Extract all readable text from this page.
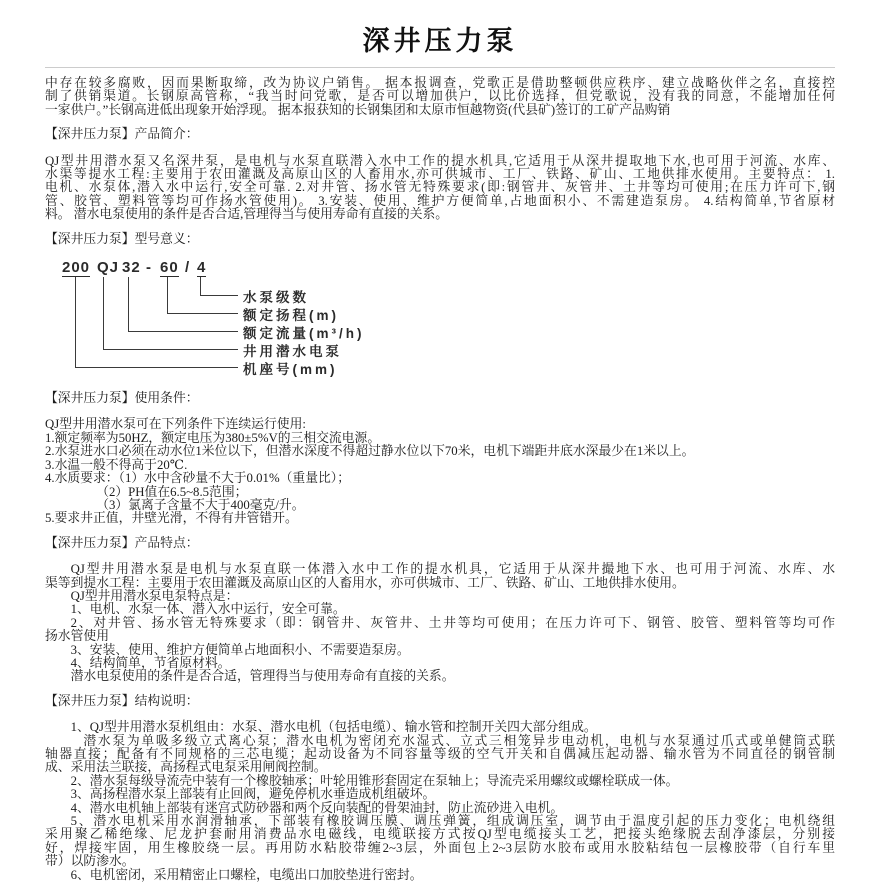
深井压力泵
中存在较多腐败，因而果断取缔，改为协议户销售。 据本报调查，党歌正是借助整顿供应秩序、建立战略伙伴之名，直接控
制了供销渠道。长钢原高管称，“我当时问党歌，是否可以增加供户，以比价选择，但党歌说，没有我的同意，不能增加任何
一家供户。”长钢高进低出现象开始浮现。 据本报获知的长钢集团和太原市恒越物资(代县矿)签订的工矿产品购销
【深井压力泵】产品简介：
QJ型井用潜水泵又名深井泵，是电机与水泵直联潜入水中工作的提水机具,它适用于从深井提取地下水,也可用于河流、水库、
水渠等提水工程:主要用于农田灌溉及高原山区的人畜用水,亦可供城市、工厂、铁路、矿山、工地供排水使用。主要特点： 1.
电机、水泵体,潜入水中运行,安全可靠. 2.对井管、扬水管无特殊要求(即:钢管井、灰管井、土井等均可使用;在压力许可下,钢
管、胶管、塑料管等均可作扬水管使用)。 3.安装、使用、维护方便简单,占地面积小、不需建造泵房。 4.结构简单,节省原材
料。 潜水电泵使用的条件是否合适,管理得当与使用寿命有直接的关系。
【深井压力泵】型号意义：
200 QJ 32 - 60 / 4
水泵级数
额定扬程(m)
额定流量(m³/h)
井用潜水电泵
机座号(mm)
【深井压力泵】使用条件：
QJ型井用潜水泵可在下列条件下连续运行使用:
1.额定频率为50HZ，额定电压为380±5%V的三相交流电源。
2.水泵进水口必须在动水位1米位以下，但潜水深度不得超过静水位以下70米，电机下端距井底水深最少在1米以上。
3.水温一般不得高于20℃.
4.水质要求：（1）水中含砂量不大于0.01%（重量比）；
（2）PH值在6.5~8.5范围；
（3）氯离子含量不大于400毫克/升。
5.要求井正值，井壁光滑，不得有井管错开。
【深井压力泵】产品特点：
QJ型井用潜水泵是电机与水泵直联一体潜入水中工作的提水机具，它适用于从深井撮地下水、也可用于河流、水库、水
渠等到提水工程：主要用于农田灌溉及高原山区的人畜用水，亦可供城市、工厂、铁路、矿山、工地供排水使用。
QJ型井用潜水泵电泵特点是：
1、电机、水泵一体、潜入水中运行，安全可靠。
2、对井管、扬水管无特殊要求（即：钢管井、灰管井、土井等均可使用；在压力许可下、钢管、胶管、塑料管等均可作
扬水管使用
3、安装、使用、维护方便简单占地面积小、不需要造泵房。
4、结构简单，节省原材料。
潜水电泵使用的条件是否合适，管理得当与使用寿命有直接的关系。
【深井压力泵】结构说明：
1、QJ型井用潜水泵机组由：水泵、潜水电机（包括电缆）、输水管和控制开关四大部分组成。
潜水泵为单吸多级立式离心泵；潜水电机为密闭充水湿式、立式三相笼异步电动机，电机与水泵通过爪式或单健筒式联
轴器直接；配备有不同规格的三芯电缆；起动设备为不同容量等级的空气开关和自偶减压起动器、输水管为不同直径的钢管制
成、采用法兰联接，高扬程式电泵采用闸阀控制。
2、潜水泵每级导流壳中装有一个橡胶轴承；叶轮用锥形套固定在泵轴上；导流壳采用螺纹或螺栓联成一体。
3、高扬程潜水泵上部装有止回阀，避免停机水垂造成机组破坏。
4、潜水电机轴上部装有迷宫式防砂器和两个反向装配的骨架油封，防止流砂进入电机。
5、潜水电机采用水润滑轴承，下部装有橡胶调压膜、调压弹簧，组成调压室，调节由于温度引起的压力变化；电机绕组
采用聚乙稀绝缘、尼龙护套耐用消费品水电磁线，电缆联接方式按QJ型电缆接头工艺，把接头绝缘脱去刮净漆层，分别接
好，焊接牢固，用生橡胶绕一层。再用防水粘胶带缠2~3层，外面包上2~3层防水胶布或用水胶粘结包一层橡胶带（自行车里
带）以防渗水。
6、电机密闭，采用精密止口螺栓，电缆出口加胶垫进行密封。
